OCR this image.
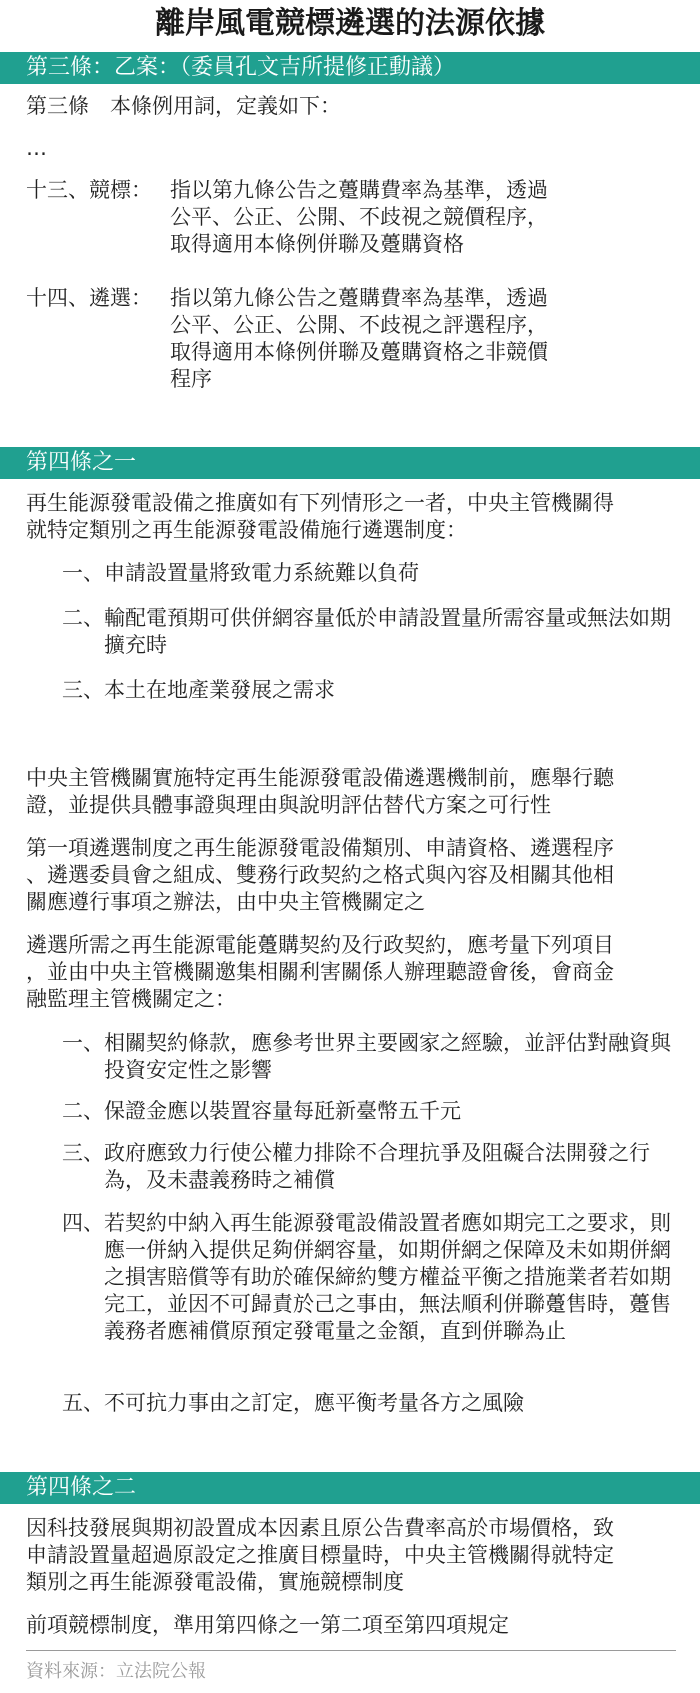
離岸風電競標遴選的法源依據
第三條：乙案：（委員孔文吉所提修正動議）
第三條　本條例用詞，定義如下：
…
十三、競標： 指以第九條公告之躉購費率為基準，透過
公平、公正、公開、不歧視之競價程序，
取得適用本條例併聯及躉購資格
十四、遴選： 指以第九條公告之躉購費率為基準，透過
公平、公正、公開、不歧視之評選程序，
取得適用本條例併聯及躉購資格之非競價
程序
第四條之一
再生能源發電設備之推廣如有下列情形之一者，中央主管機關得
就特定類別之再生能源發電設備施行遴選制度：
一、 申請設置量將致電力系統難以負荷
二、 輸配電預期可供併網容量低於申請設置量所需容量或無法如期擴充時
三、 本土在地產業發展之需求
中央主管機關實施特定再生能源發電設備遴選機制前，應舉行聽
證，並提供具體事證與理由與說明評估替代方案之可行性
第一項遴選制度之再生能源發電設備類別、申請資格、遴選程序
、遴選委員會之組成、雙務行政契約之格式與內容及相關其他相
關應遵行事項之辦法，由中央主管機關定之
遴選所需之再生能源電能躉購契約及行政契約，應考量下列項目
，並由中央主管機關邀集相關利害關係人辦理聽證會後，會商金
融監理主管機關定之：
一、 相關契約條款，應參考世界主要國家之經驗，並評估對融資與投資安定性之影響
二、 保證金應以裝置容量每瓩新臺幣五千元
三、 政府應致力行使公權力排除不合理抗爭及阻礙合法開發之行為，及未盡義務時之補償
四、 若契約中納入再生能源發電設備設置者應如期完工之要求，則應一併納入提供足夠併網容量，如期併網之保障及未如期併網之損害賠償等有助於確保締約雙方權益平衡之措施業者若如期完工，並因不可歸責於己之事由，無法順利併聯躉售時，躉售義務者應補償原預定發電量之金額，直到併聯為止
五、 不可抗力事由之訂定，應平衡考量各方之風險
第四條之二
因科技發展與期初設置成本因素且原公告費率高於市場價格，致
申請設置量超過原設定之推廣目標量時，中央主管機關得就特定
類別之再生能源發電設備，實施競標制度
前項競標制度，準用第四條之一第二項至第四項規定
資料來源：立法院公報
